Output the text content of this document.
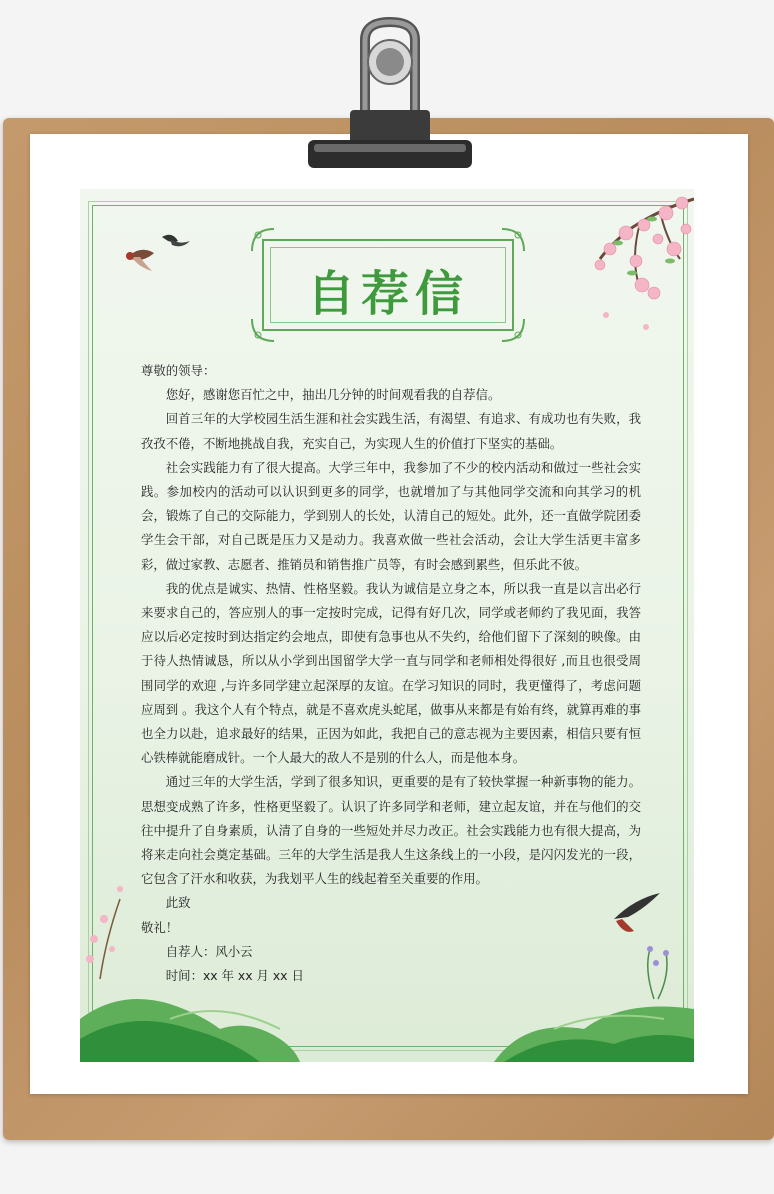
自荐信

尊敬的领导：

您好，感谢您百忙之中，抽出几分钟的时间观看我的自荐信。

回首三年的大学校园生活生涯和社会实践生活，有渴望、有追求、有成功也有失败，我孜孜不倦，不断地挑战自我，充实自己，为实现人生的价值打下坚实的基础。

社会实践能力有了很大提高。大学三年中，我参加了不少的校内活动和做过一些社会实践。参加校内的活动可以认识到更多的同学，也就增加了与其他同学交流和向其学习的机会，锻炼了自己的交际能力，学到别人的长处，认清自己的短处。此外，还一直做学院团委学生会干部，对自己既是压力又是动力。我喜欢做一些社会活动，会让大学生活更丰富多彩，做过家教、志愿者、推销员和销售推广员等，有时会感到累些，但乐此不彼。

我的优点是诚实、热情、性格坚毅。我认为诚信是立身之本，所以我一直是以言出必行来要求自己的，答应别人的事一定按时完成，记得有好几次，同学或老师约了我见面，我答应以后必定按时到达指定约会地点，即使有急事也从不失约，给他们留下了深刻的映像。由于待人热情诚恳，所以从小学到出国留学大学一直与同学和老师相处得很好 ,而且也很受周围同学的欢迎 ,与许多同学建立起深厚的友谊。在学习知识的同时，我更懂得了，考虑问题应周到 。我这个人有个特点，就是不喜欢虎头蛇尾，做事从来都是有始有终，就算再难的事也全力以赴，追求最好的结果，正因为如此，我把自己的意志视为主要因素，相信只要有恒心铁棒就能磨成针。一个人最大的敌人不是别的什么人，而是他本身。

通过三年的大学生活，学到了很多知识，更重要的是有了较快掌握一种新事物的能力。思想变成熟了许多，性格更坚毅了。认识了许多同学和老师，建立起友谊，并在与他们的交往中提升了自身素质，认清了自身的一些短处并尽力改正。社会实践能力也有很大提高，为将来走向社会奠定基础。三年的大学生活是我人生这条线上的一小段，是闪闪发光的一段，它包含了汗水和收获，为我划平人生的线起着至关重要的作用。

此致

敬礼！

自荐人：风小云

时间：xx 年 xx 月 xx 日
